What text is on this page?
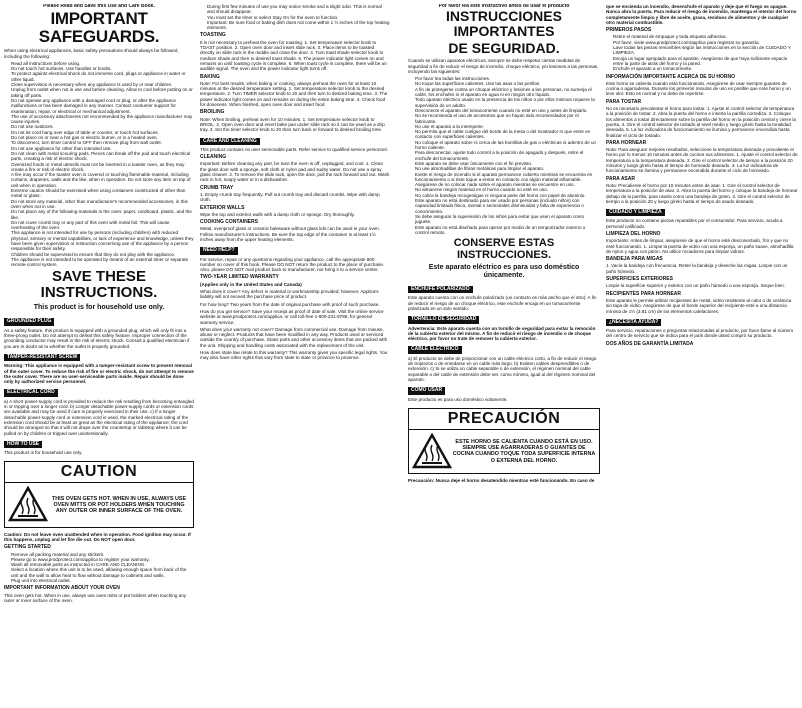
Please Read and Save this Use and Care Book.

IMPORTANT SAFEGUARDS.

When using electrical appliances, basic safety precautions should always be followed, including the following:

• Read all instructions before using.
• Do not touch hot surfaces. Use handles or knobs.
• To protect against electrical shock do not immerse cord, plugs or appliance in water or other liquid.
• Close supervision is necessary when any appliance is used by or near children.
• Unplug from outlet when not in use and before cleaning. Allow to cool before putting on or taking off parts.
• Do not operate any appliance with a damaged cord or plug, or after the appliance malfunctions or has been damaged in any manner. Contact consumer support for examination, repair, or electrical or mechanical adjustment.
• The use of accessory attachments not recommended by the appliance manufacturer may cause injuries.
• Do not use outdoors.
• Do not let cord hang over edge of table or counter, or touch hot surfaces.
• Do not place on or near a hot gas or electric burner, or in a heated oven.
• To disconnect, turn timer control to OFF then remove plug from wall outlet.
• Do not use appliance for other than intended use.
• Do not clean with metal scouring pads. Pieces can break off the pad and touch electrical parts, creating a risk of electric shock.
• Oversized foods or metal utensils must not be inserted in a toaster oven, as they may create a fire or risk of electric shock.
• A fire may occur if the toaster oven is covered or touching flammable material, including curtains, draperies, walls and the like, when in operation. Do not store any item on top of unit when in operation.
• Extreme caution should be exercised when using containers constructed of other than metal or glass.
• Do not store any material, other than manufacturer's recommended accessories, in this oven when not in use.
• Do not place any of the following materials in the oven: paper, cardboard, plastic, and the like.
• Do not cover crumb tray or any part of this oven with metal foil. This will cause overheating of the oven.
• This appliance is not intended for use by persons (including children) with reduced physical, sensory or mental capabilities, or lack of experience and knowledge, unless they have been given supervision or instruction concerning use of the appliance by a person responsible for their safety.
• Children should be supervised to ensure that they do not play with the appliance.
• The appliance is not intended to be operated by means of an external timer or separate remote-control system.
SAVE THESE INSTRUCTIONS.
This product is for household use only.
GROUNDED PLUG

As a safety feature, this product is equipped with a grounded plug, which will only fit into a three-prong outlet. Do not attempt to defeat this safety feature. Improper connection of the grounding conductor may result in the risk of electric shock. Consult a qualified electrician if you are in doubt as to whether the outlet is properly grounded.

TAMPER-RESISTANT SCREW

Warning: This appliance is equipped with a tamper-resistant screw to prevent removal of the outer cover. To reduce the risk of fire or electric shock, do not attempt to remove the outer cover. There are no user-serviceable parts inside. Repair should be done only by authorized service personnel.

ELECTRICAL CORD

a) A short power-supply cord is provided to reduce the risk resulting from becoming entangled in or tripping over a longer cord. b) Longer detachable power-supply cords or extension cords are available and may be used if care is properly exercised in their use. c) If a longer detachable power-supply cord or extension cord is used, the marked electrical rating of the extension cord should be at least as great as the electrical rating of the appliance; the cord should be arranged so that it will not drape over the countertop or tabletop where it can be pulled on by children or tripped over unintentionally.

HOW TO USE

This product is for household use only.

CAUTION
THIS OVEN GETS HOT. WHEN IN USE, ALWAYS USE OVEN MITTS OR POT HOLDERS WHEN TOUCHING ANY OUTER OR INNER SURFACE OF THE OVEN.

Caution: Do not leave oven unattended when in operation. Food ignition may occur. If this happens, unplug and let fire die out. Do NOT open door.

GETTING STARTED
• Remove all packing material and any stickers.
• Please go to www.prodprotect.com/applica to register your warranty.
• Wash all removable parts as instructed in CARE AND CLEANING.
• Select a location where this unit is to be used, allowing enough space from back of the unit and the wall to allow heat to flow without damage to cabinets and walls.
• Plug unit into electrical outlet.
IMPORTANT INFORMATION ABOUT YOUR OVEN

This oven gets hot. When in use, always use oven mitts or pot holders when touching any outer or inner surface of the oven.

• During first few minutes of use you may notice smoke and a slight odor. This is normal and should disappear.
• You must set the timer or select Stay On for the oven to function.
• Important: Be sure food or baking dish does not come within 1 ½ inches of the top heating elements.
TOASTING

It is not necessary to preheat the oven for toasting. 1. Set temperature selector knob to TOAST position. 2. Open oven door and insert slide rack. 3. Place items to be toasted directly on slide rack in the middle and close the door. 4. Turn toast shade selector knob to medium shade and then to desired toast shade. 5. The power indicator light comes on and remains on until toasting cycle is complete. 6. When toast cycle is complete, there will be an audible signal. The oven and the power indicator light turns off.

BAKING

Note: For best results, when baking or cooking, always preheat the oven for at least 10 minutes at the desired temperature setting. 1. Set temperature selector knob to the desired temperature. 2. Turn TIMER selector knob to 20 and then turn to desired baking time. 3. The power indicator light comes on and remains on during the entire baking time. 4. Check food for doneness. When finished, open oven door and insert food.

BROILING

Note: When broiling, preheat oven for 10 minutes. 1. Set temperature selector knob to BROIL. 2. Open oven door and insert bake pan under slide rack so it can be used as a drip tray. 3. Set the timer selector knob to 20 then turn back or forward to desired broiling time.

CARE AND CLEANING

This product contains no user serviceable parts. Refer service to qualified service personnel.

CLEANING

Important: Before cleaning any part, be sure the oven is off, unplugged, and cool. 1. Clean the glass door with a sponge, soft cloth or nylon pad and sudsy water. Do not use a spray glass cleaner. 2. To remove the slide rack, open the door, pull the rack forward and out. Wash rack in hot, soapy water or in a dishwasher.

CRUMB TRAY

1. Empty crumb tray frequently. Pull out crumb tray and discard crumbs. Wipe with damp cloth.

EXTERIOR WALLS

Wipe the top and exterior walls with a damp cloth or sponge. Dry thoroughly.

COOKING CONTAINERS

Metal, ovenproof glass or ceramic bakeware without glass lids can be used in your oven. Follow manufacturer's instructions. Be sure the top edge of the container is at least 1½ inches away from the upper heating elements.

NEED HELP?

For service, repair or any questions regarding your appliance, call the appropriate 800 number on cover of this book. Please DO NOT return the product to the place of purchase. Also, please DO NOT mail product back to manufacturer, nor bring it to a service center.

TWO-YEAR LIMITED WARRANTY

(Applies only in the United States and Canada)

What does it cover? Any defect in material or workmanship provided; however, Applica's liability will not exceed the purchase price of product.

For how long? Two years from the date of original purchase with proof of such purchase.

How do you get service? Save your receipt as proof of date of sale. Visit the online service website at www.prodprotect.com/applica, or call toll-free 1-800-231-9786, for general warranty service.

What does your warranty not cover? Damage from commercial use. Damage from misuse, abuse or neglect. Products that have been modified in any way. Products used or serviced outside the country of purchase. Glass parts and other accessory items that are packed with the unit. Shipping and handling costs associated with the replacement of the unit.

How does state law relate to this warranty? This warranty gives you specific legal rights. You may also have other rights that vary from state to state or province to province.

Por favor lea este instructivo antes de usar el producto

INSTRUCCIONES IMPORTANTES
DE SEGURIDAD.

Cuando se utilizan aparatos eléctricos, siempre se debe respetar ciertas medidas de seguridad a fin de reducir el riesgo de incendio, choque eléctrico, y/o lesiones a las personas, incluyendo las siguientes:

• Por favor lea todas las instrucciones.
• No toque las superficies calientes. Use las asas o las perillas.
• A fin de protegerse contra un choque eléctrico y lesiones a las personas, no sumerja el cable, los enchufes ni el aparato en agua ni en ningún otro líquido.
• Todo aparato eléctrico usado en la presencia de los niños o por ellos mismos requiere la supervisión de un adulto.
• Desconecte el aparato del tomacorriente cuando no esté en uso y antes de limpiarlo.
• No se recomienda el uso de accesorios que no hayan sido recomendados por el fabricante.
• No use el aparato a la intemperie.
• No permita que el cable cuelgue del borde de la mesa o del mostrador ni que entre en contacto con superficies calientes.
• No coloque el aparato sobre ni cerca de las hornillas de gas o eléctricas ni adentro de un horno caliente.
• Para desconectar, ajuste todo control a la posición de apagado y después, retire el enchufe del tomacorriente.
• Este aparato se debe usar únicamente con el fin previsto.
• No use almohadillas de fibras metálicas para limpiar el aparato.
• Existe el riesgo de incendio si el aparato permanece cubierto mientras se encuentra en funcionamiento o si éste toque a entrar en contacto con algún material inflamable.
• Asegúrese de no colocar nada sobre el aparato mientras se encuentre en uso.
• No almacene ningún material en el horno cuando no esté en uso.
• No cubra la bandeja recogemigas ni ninguna parte del horno con papel de aluminio.
• Este aparato no está destinado para ser usado por personas (incluido niños) con capacidad limitada física, mental o sensoriales disminuidas y falta de experiencia o conocimiento.
• Se debe asegurar la supervisión de los niños para evitar que usen el aparato como juguete.
• Este aparato no está diseñado para operar por medio de un temporizador externo o control remoto.
CONSERVE ESTAS INSTRUCCIONES.
Este aparato eléctrico es para uso doméstico únicamente.
ENCHUFE POLARIZADO

Este aparato cuenta con un enchufe polarizado (un contacto es más ancho que el otro). A fin de reducir el riesgo de un choque eléctrico, este enchufe encaja en un tomacorriente polarizado en un solo sentido.

TORNILLO DE SEGURIDAD

Advertencia: Este aparato cuenta con un tornillo de seguridad para evitar la remoción de la cubierta exterior del mismo. A fin de reducir el riesgo de incendio o de choque eléctrico, por favor no trate de remover la cubierta exterior.

CABLE ELÉCTRICO

a) El producto se debe de proporcionar con un cable eléctrico corto, a fin de reducir el riesgo de tropiezos o de enredarse en un cable más largo. b) Existen cables desprendibles o de extensión. c) Si se utiliza un cable separable o de extensión, el régimen nominal del cable separable o del cable de extensión debe ser, como mínimo, igual al del régimen nominal del aparato.

COMO USAR

Este producto es para uso doméstico solamente.

PRECAUCIÓN
ESTE HORNO SE CALIENTA CUANDO ESTÁ EN USO. SIEMPRE USE AGARRADERAS O GUANTES DE COCINA CUANDO TOQUE TODA SUPERFICIE INTERNA O EXTERNA DEL HORNO.

Precaución: Nunca deje el horno desatendido mientras esté funcionando. En caso de

que se encienda un incendio, desenchufe el aparato y deje que el fuego se apague. Nunca abra la puerta. Para reducir el riesgo de incendio, mantenga el interior del horno completamente limpio y libre de aceite, grasa, residuos de alimentos y de cualquier otro material combustible.

PRIMEROS PASOS
• Retire el material de empaque y toda etiqueta adhesiva.
• Por favor, visite www.prodprotect.com/applica para registrar su garantía.
• Lave todas las piezas removibles según las instrucciones en la sección de CUIDADO Y LIMPIEZA.
• Escoja un lugar apropiado para el aparato. Asegúrese de que haya suficiente espacio entre la parte de atrás del horno y la pared.
• Enchufe el aparato a un tomacorriente.
INFORMACIÓN IMPORTANTE ACERCA DE SU HORNO

Este horno se calienta cuando está funcionando. Asegúrese de usar siempre guantes de cocina o agarraderas. Durante los primeros minutos de uso es posible que note humo y un leve olor. Esto es normal y no debe de repetirse.

PARA TOSTAR

No es necesario precalentar el horno para tostar. 1. Ajuste el control selector de temperatura a la posición de tostar. 2. Abra la puerta del horno e inserte la parrilla corrediza. 3. Coloque los alimentos a tostar directamente sobre la parrilla del horno en la posición central y cierre la puerta. 4. Gire el control selector de tostado al nivel medio y luego gírelo hasta la tonalidad deseada. 5. La luz indicadora de funcionamiento se ilumina y permanece encendida hasta finalizar el ciclo de tostado.

PARA HORNEAR

Nota: Para asegurar mejores resultados, seleccione la temperatura deseada y precaliente el horno por lo menos 10 minutos antes de cocinar sus alimentos. 1. Ajuste el control selector de temperatura a la temperatura deseada. 2. Gire el control selector de tiempo a la posición 20 minutos y luego gírelo hasta el tiempo de horneado deseado. 3. La luz indicadora de funcionamiento se ilumina y permanece encendida durante el ciclo de horneado.

PARA ASAR

Nota: Precaliente el horno por 10 minutos antes de asar. 1. Gire el control selector de temperatura a la posición de asar. 2. Abra la puerta del horno y coloque la bandeja de hornear debajo de la parrilla, para usarla como una bandeja de goteo. 3. Gire el control selector de tiempo a la posición 20 y luego gírelo hasta el tiempo de asado deseado.

CUIDADO Y LIMPIEZA

Este producto no contiene piezas reparables por el consumidor. Para servicio, acuda a personal calificado.

LIMPIEZA DEL HORNO

Importante: Antes de limpiar, asegúrese de que el horno esté desconectado, frío y que no esté funcionando. 1. Limpie la puerta de vidrio con una esponja, un paño suave, almohadilla de nylon y agua con jabón. No utilice rociadores para limpiar vidrios.

BANDEJA PARA MIGAS

1. Vacíe la bandeja con frecuencia. Retire la bandeja y deseche las migas. Limpie con un paño húmedo.

SUPERFICIES EXTERIORES

Limpie la superficie superior y exterior con un paño húmedo o una esponja. Seque bien.

RECIPIENTES PARA HORNEAR

Este aparato le permite utilizar recipientes de metal, vidrio resistente al calor o de cerámica sin tapa de vidrio. Asegúrese de que el borde superior del recipiente esté a una distancia mínima de 1½ (3.81 cm) de los elementos calefactores.

¿NECESITA AYUDA?

Para servicio, reparaciones o preguntas relacionadas al producto, por favor llame al número del centro de servicio que se indica para el país donde usted compró su producto.

DOS AÑOS DE GARANTÍA LIMITADA
